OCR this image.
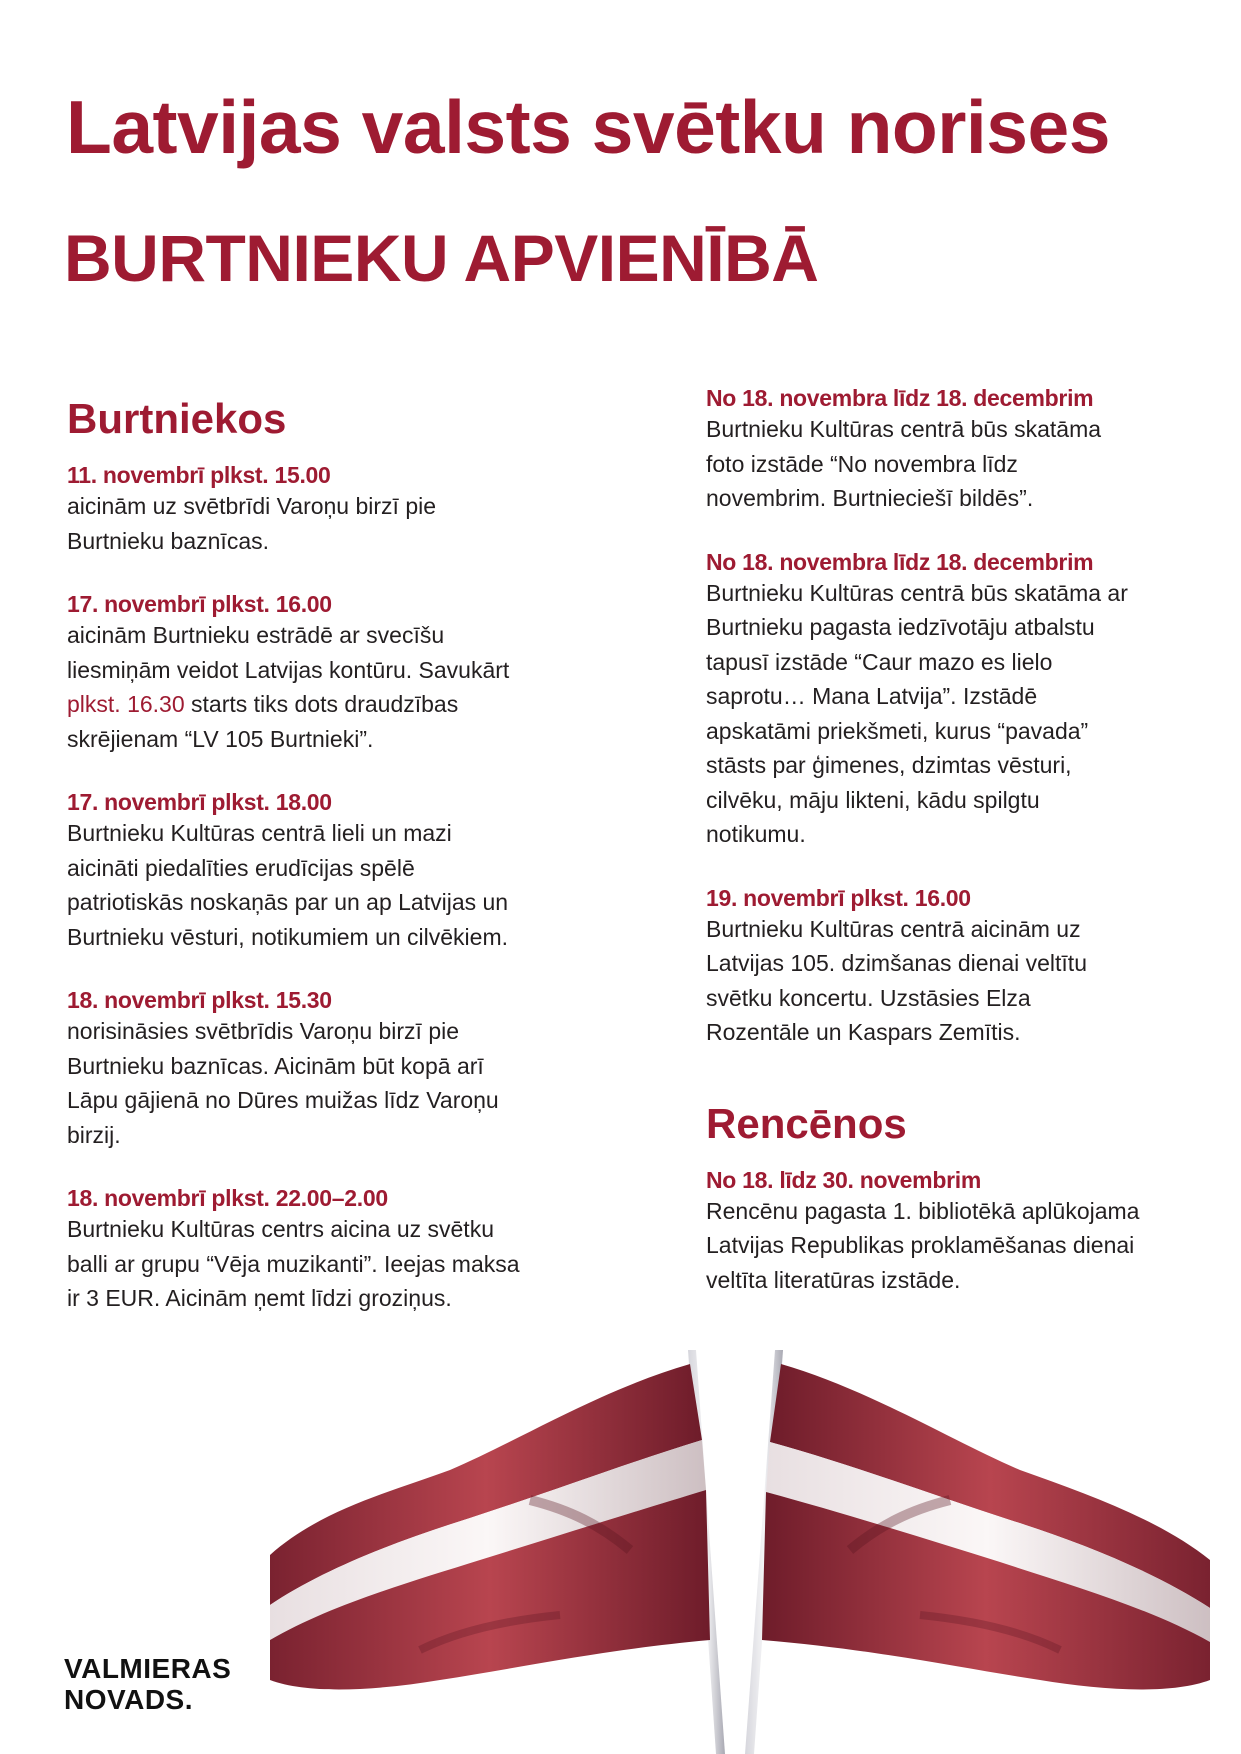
Latvijas valsts svētku norises
BURTNIEKU APVIENĪBĀ
Burtniekos
11. novembrī plkst. 15.00
aicinām uz svētbrīdi Varoņu birzī pie
Burtnieku baznīcas.
17. novembrī plkst. 16.00
aicinām Burtnieku estrādē ar svecīšu
liesmiņām veidot Latvijas kontūru. Savukārt
plkst. 16.30 starts tiks dots draudzības
skrējienam “LV 105 Burtnieki”.
17. novembrī plkst. 18.00
Burtnieku Kultūras centrā lieli un mazi
aicināti piedalīties erudīcijas spēlē
patriotiskās noskaņās par un ap Latvijas un
Burtnieku vēsturi, notikumiem un cilvēkiem.
18. novembrī plkst. 15.30
norisināsies svētbrīdis Varoņu birzī pie
Burtnieku baznīcas. Aicinām būt kopā arī
Lāpu gājienā no Dūres muižas līdz Varoņu
birzij.
18. novembrī plkst. 22.00–2.00
Burtnieku Kultūras centrs aicina uz svētku
balli ar grupu “Vēja muzikanti”. Ieejas maksa
ir 3 EUR. Aicinām ņemt līdzi groziņus.
No 18. novembra līdz 18. decembrim
Burtnieku Kultūras centrā būs skatāma
foto izstāde “No novembra līdz
novembrim. Burtnieciešī bildēs”.
No 18. novembra līdz 18. decembrim
Burtnieku Kultūras centrā būs skatāma ar
Burtnieku pagasta iedzīvotāju atbalstu
tapusī izstāde “Caur mazo es lielo
saprotu… Mana Latvija”. Izstādē
apskatāmi priekšmeti, kurus “pavada”
stāsts par ģimenes, dzimtas vēsturi,
cilvēku, māju likteni, kādu spilgtu
notikumu.
19. novembrī plkst. 16.00
Burtnieku Kultūras centrā aicinām uz
Latvijas 105. dzimšanas dienai veltītu
svētku koncertu. Uzstāsies Elza
Rozentāle un Kaspars Zemītis.
Rencēnos
No 18. līdz 30. novembrim
Rencēnu pagasta 1. bibliotēkā aplūkojama
Latvijas Republikas proklamēšanas dienai
veltīta literatūras izstāde.
VALMIERAS
NOVADS.
